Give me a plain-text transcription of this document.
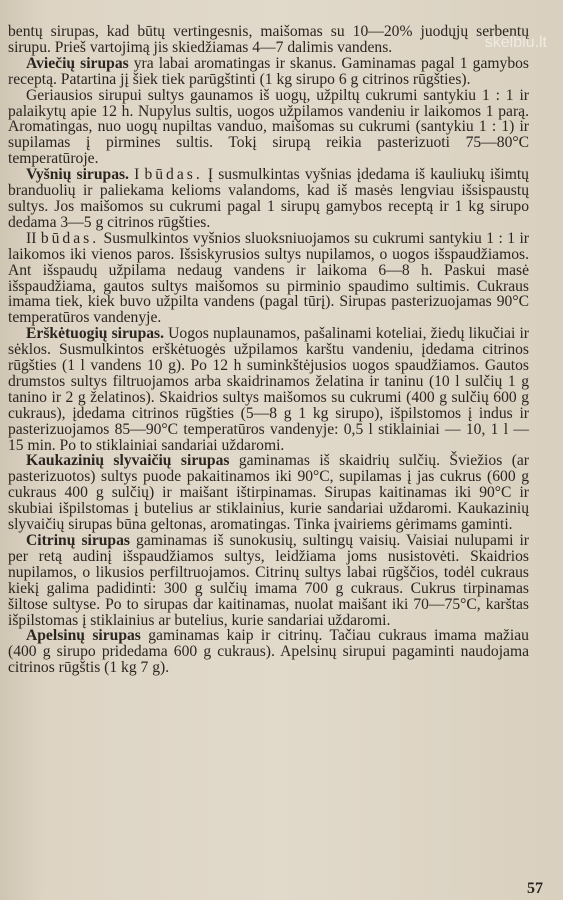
skelbiu.lt

bentų sirupas, kad būtų vertingesnis, maišomas su 10—20% juodųjų serbentų sirupu. Prieš vartojimą jis skiedžiamas 4—7 dalimis vandens.

Aviečių sirupas yra labai aromatingas ir skanus. Gaminamas pagal 1 gamybos receptą. Patartina jį šiek tiek parūgštinti (1 kg sirupo 6 g citrinos rūgšties).

Geriausios sirupui sultys gaunamos iš uogų, užpiltų cukrumi santykiu 1 : 1 ir palaikytų apie 12 h. Nupylus sultis, uogos užpilamos vandeniu ir laikomos 1 parą. Aromatingas, nuo uogų nupiltas vanduo, maišomas su cukrumi (santykiu 1 : 1) ir supilamas į pirmines sultis. Tokį sirupą reikia pasterizuoti 75—80°C temperatūroje.

Vyšnių sirupas. I būdas. Į susmulkintas vyšnias įdedama iš kauliukų išimtų branduolių ir paliekama kelioms valandoms, kad iš masės lengviau išsispaustų sultys. Jos maišomos su cukrumi pagal 1 sirupų gamybos receptą ir 1 kg sirupo dedama 3—5 g citrinos rūgšties.

II būdas. Susmulkintos vyšnios sluoksniuojamos su cukrumi santykiu 1 : 1 ir laikomos iki vienos paros. Išsiskyrusios sultys nupilamos, o uogos išspaudžiamos. Ant išspaudų užpilama nedaug vandens ir laikoma 6—8 h. Paskui masė išspaudžiama, gautos sultys maišomos su pirminio spaudimo sultimis. Cukraus imama tiek, kiek buvo užpilta vandens (pagal tūrį). Sirupas pasterizuojamas 90°C temperatūros vandenyje.

Erškėtuogių sirupas. Uogos nuplaunamos, pašalinami koteliai, žiedų likučiai ir sėklos. Susmulkintos erškėtuogės užpilamos karštu vandeniu, įdedama citrinos rūgšties (1 l vandens 10 g). Po 12 h suminkštėjusios uogos spaudžiamos. Gautos drumstos sultys filtruojamos arba skaidrinamos želatina ir taninu (10 l sulčių 1 g tanino ir 2 g želatinos). Skaidrios sultys maišomos su cukrumi (400 g sulčių 600 g cukraus), įdedama citrinos rūgšties (5—8 g 1 kg sirupo), išpilstomos į indus ir pasterizuojamos 85—90°C temperatūros vandenyje: 0,5 l stiklainiai — 10, 1 l — 15 min. Po to stiklainiai sandariai uždaromi.

Kaukazinių slyvaičių sirupas gaminamas iš skaidrių sulčių. Šviežios (ar pasterizuotos) sultys puode pakaitinamos iki 90°C, supilamas į jas cukrus (600 g cukraus 400 g sulčių) ir maišant ištirpinamas. Sirupas kaitinamas iki 90°C ir skubiai išpilstomas į butelius ar stiklainius, kurie sandariai uždaromi. Kaukazinių slyvaičių sirupas būna geltonas, aromatingas. Tinka įvairiems gėrimams gaminti.

Citrinų sirupas gaminamas iš sunokusių, sultingų vaisių. Vaisiai nulupami ir per retą audinį išspaudžiamos sultys, leidžiama joms nusistovėti. Skaidrios nupilamos, o likusios perfiltruojamos. Citrinų sultys labai rūgščios, todėl cukraus kiekį galima padidinti: 300 g sulčių imama 700 g cukraus. Cukrus tirpinamas šiltose sultyse. Po to sirupas dar kaitinamas, nuolat maišant iki 70—75°C, karštas išpilstomas į stiklainius ar butelius, kurie sandariai uždaromi.

Apelsinų sirupas gaminamas kaip ir citrinų. Tačiau cukraus imama mažiau (400 g sirupo pridedama 600 g cukraus). Apelsinų sirupui pagaminti naudojama citrinos rūgštis (1 kg 7 g).

57
